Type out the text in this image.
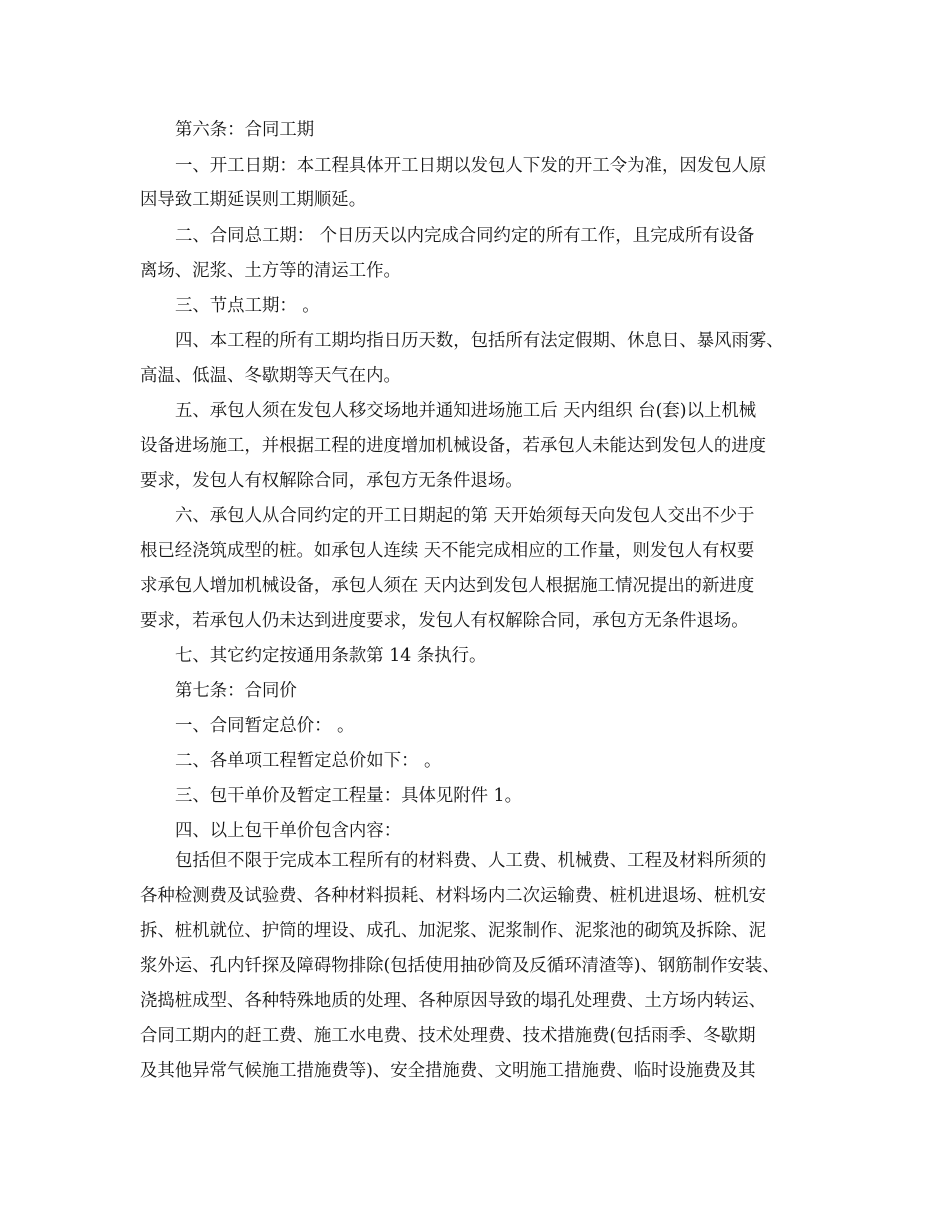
第六条：合同工期
一、开工日期：本工程具体开工日期以发包人下发的开工令为准，因发包人原
因导致工期延误则工期顺延。
二、合同总工期： 个日历天以内完成合同约定的所有工作，且完成所有设备
离场、泥浆、土方等的清运工作。
三、节点工期： 。
四、本工程的所有工期均指日历天数，包括所有法定假期、休息日、暴风雨雾、
高温、低温、冬歇期等天气在内。
五、承包人须在发包人移交场地并通知进场施工后 天内组织 台(套)以上机械
设备进场施工，并根据工程的进度增加机械设备，若承包人未能达到发包人的进度
要求，发包人有权解除合同，承包方无条件退场。
六、承包人从合同约定的开工日期起的第 天开始须每天向发包人交出不少于
根已经浇筑成型的桩。如承包人连续 天不能完成相应的工作量，则发包人有权要
求承包人增加机械设备，承包人须在 天内达到发包人根据施工情况提出的新进度
要求，若承包人仍未达到进度要求，发包人有权解除合同，承包方无条件退场。
七、其它约定按通用条款第 14 条执行。
第七条：合同价
一、合同暂定总价： 。
二、各单项工程暂定总价如下： 。
三、包干单价及暂定工程量：具体见附件 1。
四、以上包干单价包含内容：
包括但不限于完成本工程所有的材料费、人工费、机械费、工程及材料所须的
各种检测费及试验费、各种材料损耗、材料场内二次运输费、桩机进退场、桩机安
拆、桩机就位、护筒的埋设、成孔、加泥浆、泥浆制作、泥浆池的砌筑及拆除、泥
浆外运、孔内钎探及障碍物排除(包括使用抽砂筒及反循环清渣等)、钢筋制作安装、
浇捣桩成型、各种特殊地质的处理、各种原因导致的塌孔处理费、土方场内转运、
合同工期内的赶工费、施工水电费、技术处理费、技术措施费(包括雨季、冬歇期
及其他异常气候施工措施费等)、安全措施费、文明施工措施费、临时设施费及其
